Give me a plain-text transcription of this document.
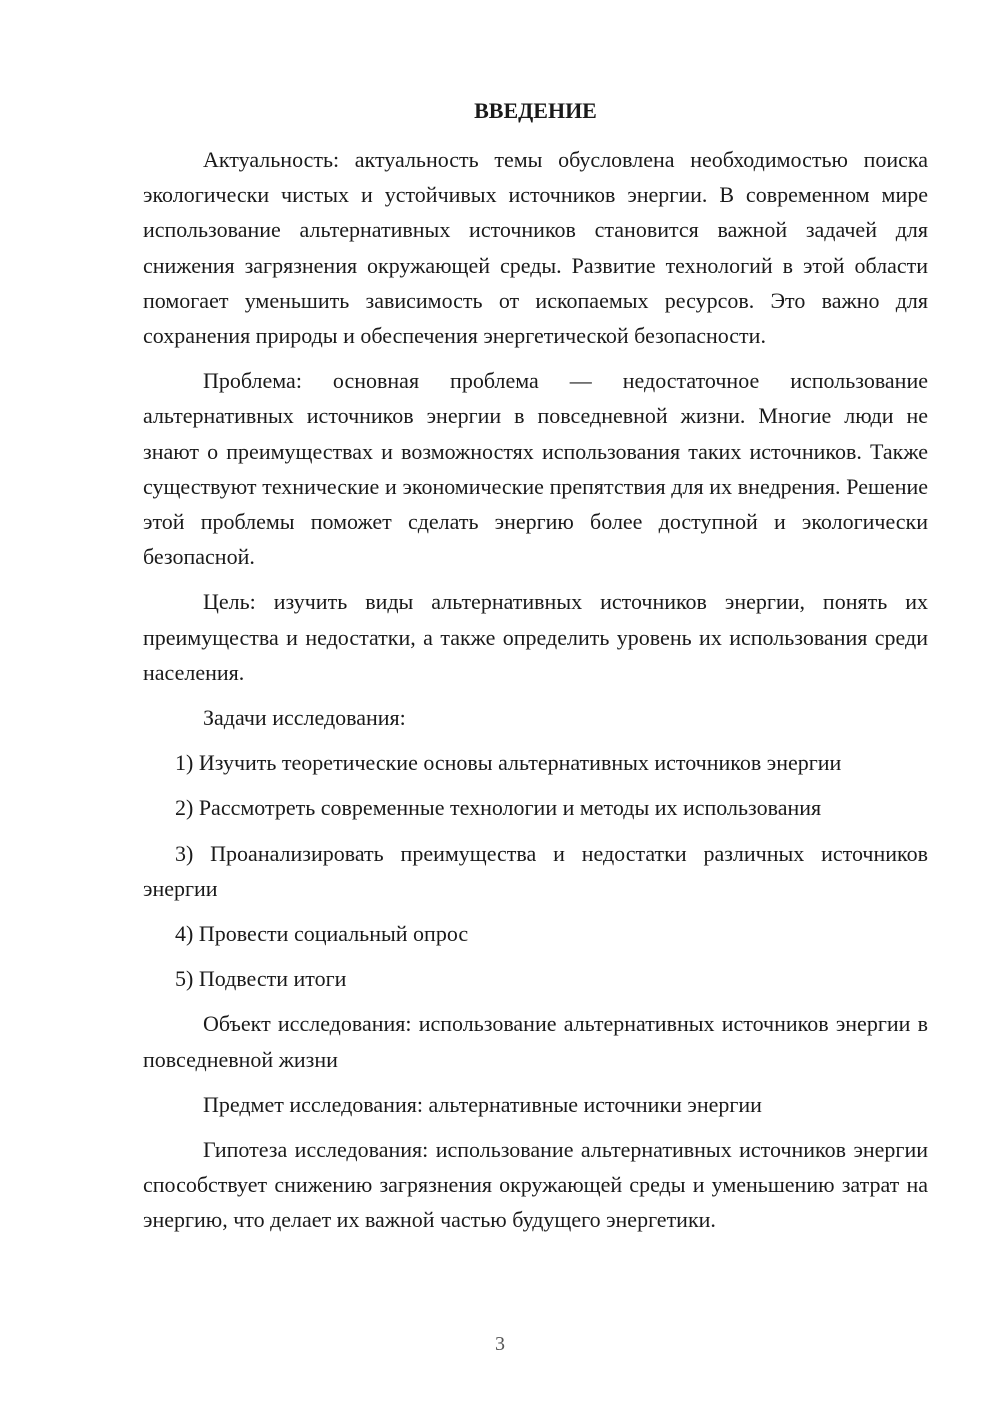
ВВЕДЕНИЕ

Актуальность: актуальность темы обусловлена необходимостью поиска экологически чистых и устойчивых источников энергии. В современном мире использование альтернативных источников становится важной задачей для снижения загрязнения окружающей среды. Развитие технологий в этой области помогает уменьшить зависимость от ископаемых ресурсов. Это важно для сохранения природы и обеспечения энергетической безопасности.

Проблема: основная проблема — недостаточное использование альтернативных источников энергии в повседневной жизни. Многие люди не знают о преимуществах и возможностях использования таких источников. Также существуют технические и экономические препятствия для их внедрения. Решение этой проблемы поможет сделать энергию более доступной и экологически безопасной.

Цель: изучить виды альтернативных источников энергии, понять их преимущества и недостатки, а также определить уровень их использования среди населения.

Задачи исследования:

1) Изучить теоретические основы альтернативных источников энергии

2) Рассмотреть современные технологии и методы их использования

3) Проанализировать преимущества и недостатки различных источников энергии

4) Провести социальный опрос

5) Подвести итоги

Объект исследования: использование альтернативных источников энергии в повседневной жизни

Предмет исследования: альтернативные источники энергии

Гипотеза исследования: использование альтернативных источников энергии способствует снижению загрязнения окружающей среды и уменьшению затрат на энергию, что делает их важной частью будущего энергетики.

3
